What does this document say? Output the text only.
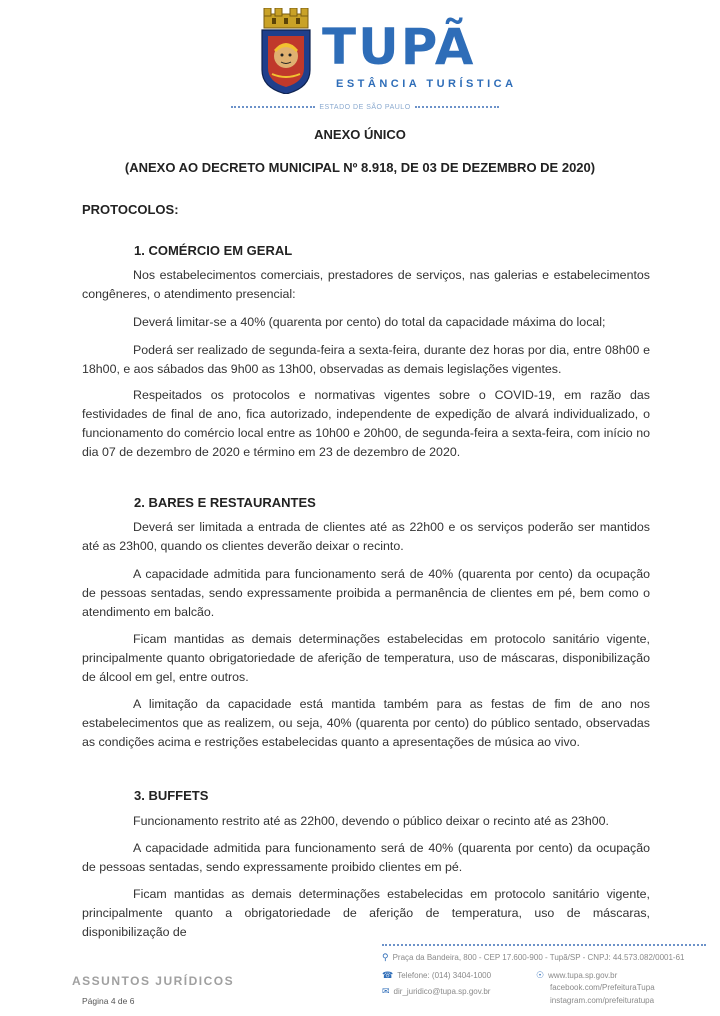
TUPÃ
ESTÂNCIA TURÍSTICA
ESTADO DE SÃO PAULO
ANEXO ÚNICO
(ANEXO AO DECRETO MUNICIPAL Nº 8.918, DE 03 DE DEZEMBRO DE 2020)
PROTOCOLOS:
1. COMÉRCIO EM GERAL
Nos estabelecimentos comerciais, prestadores de serviços, nas galerias e estabelecimentos congêneres, o atendimento presencial:
Deverá limitar-se a 40% (quarenta por cento) do total da capacidade máxima do local;
Poderá ser realizado de segunda-feira a sexta-feira, durante dez horas por dia, entre 08h00 e 18h00, e aos sábados das 9h00 as 13h00, observadas as demais legislações vigentes.
Respeitados os protocolos e normativas vigentes sobre o COVID-19, em razão das festividades de final de ano, fica autorizado, independente de expedição de alvará individualizado, o funcionamento do comércio local entre as 10h00 e 20h00, de segunda-feira a sexta-feira, com início no dia 07 de dezembro de 2020 e término em 23 de dezembro de 2020.
2. BARES E RESTAURANTES
Deverá ser limitada a entrada de clientes até as 22h00 e os serviços poderão ser mantidos até as 23h00, quando os clientes deverão deixar o recinto.
A capacidade admitida para funcionamento será de 40% (quarenta por cento) da ocupação de pessoas sentadas, sendo expressamente proibida a permanência de clientes em pé, bem como o atendimento em balcão.
Ficam mantidas as demais determinações estabelecidas em protocolo sanitário vigente, principalmente quanto obrigatoriedade de aferição de temperatura, uso de máscaras, disponibilização de álcool em gel, entre outros.
A limitação da capacidade está mantida também para as festas de fim de ano nos estabelecimentos que as realizem, ou seja, 40% (quarenta por cento) do público sentado, observadas as condições acima e restrições estabelecidas quanto a apresentações de música ao vivo.
3. BUFFETS
Funcionamento restrito até as 22h00, devendo o público deixar o recinto até as 23h00.
A capacidade admitida para funcionamento será de 40% (quarenta por cento) da ocupação de pessoas sentadas, sendo expressamente proibido clientes em pé.
Ficam mantidas as demais determinações estabelecidas em protocolo sanitário vigente, principalmente quanto a obrigatoriedade de aferição de temperatura, uso de máscaras, disponibilização de
ASSUNTOS JURÍDICOS
Página 4 de 6
⚲ Praça da Bandeira, 800 - CEP 17.600-900 - Tupã/SP - CNPJ: 44.573.082/0001-61
☎ Telefone: (014) 3404-1000
✉ dir_juridico@tupa.sp.gov.br
☉ www.tupa.sp.gov.br
facebook.com/PrefeituraTupa
instagram.com/prefeituratupa
